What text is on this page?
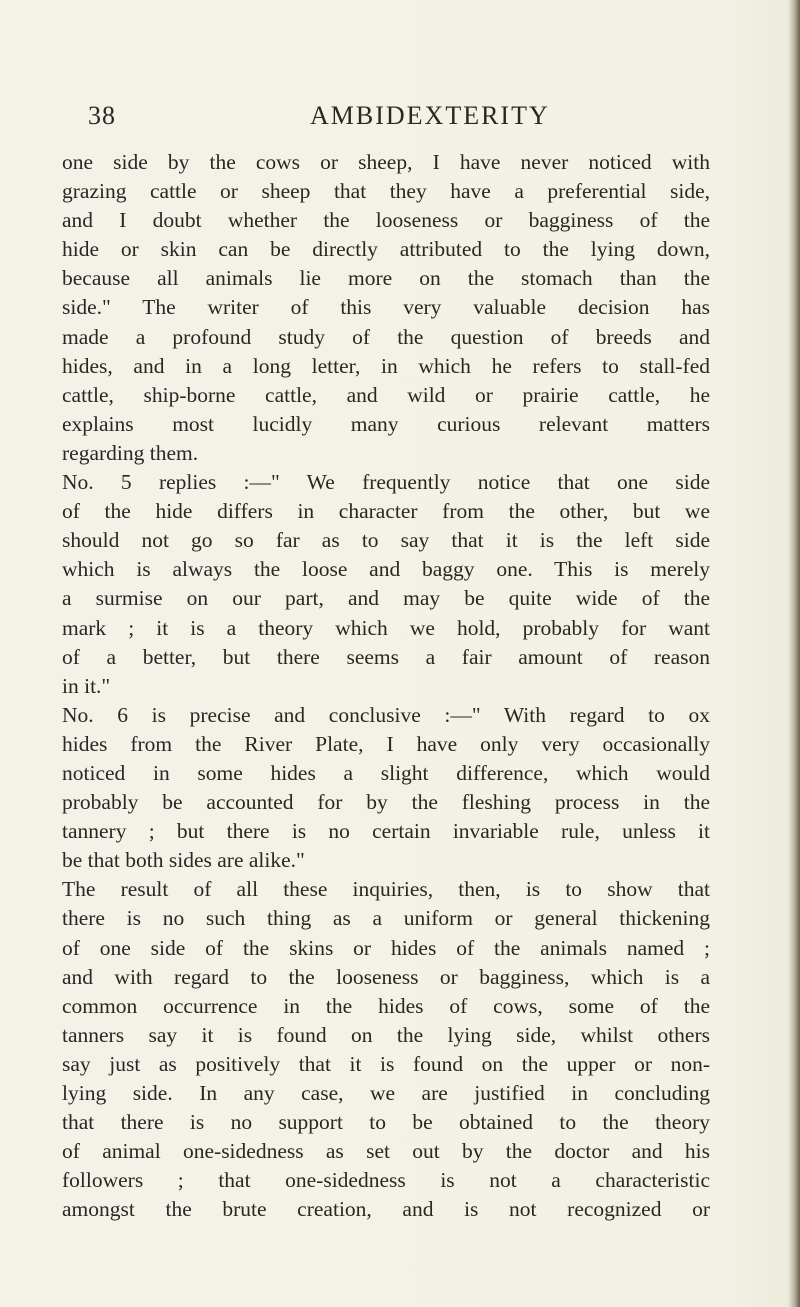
38	AMBIDEXTERITY
one side by the cows or sheep, I have never noticed with
grazing cattle or sheep that they have a preferential side,
and I doubt whether the looseness or bagginess of the
hide or skin can be directly attributed to the lying down,
because all animals lie more on the stomach than the
side." The writer of this very valuable decision has
made a profound study of the question of breeds and
hides, and in a long letter, in which he refers to stall-fed
cattle, ship-borne cattle, and wild or prairie cattle, he
explains most lucidly many curious relevant matters
regarding them.
No. 5 replies :—" We frequently notice that one side
of the hide differs in character from the other, but we
should not go so far as to say that it is the left side
which is always the loose and baggy one. This is merely
a surmise on our part, and may be quite wide of the
mark ; it is a theory which we hold, probably for want
of a better, but there seems a fair amount of reason
in it."
No. 6 is precise and conclusive :—" With regard to ox
hides from the River Plate, I have only very occasionally
noticed in some hides a slight difference, which would
probably be accounted for by the fleshing process in the
tannery ; but there is no certain invariable rule, unless it
be that both sides are alike."
The result of all these inquiries, then, is to show that
there is no such thing as a uniform or general thickening
of one side of the skins or hides of the animals named ;
and with regard to the looseness or bagginess, which is a
common occurrence in the hides of cows, some of the
tanners say it is found on the lying side, whilst others
say just as positively that it is found on the upper or non-
lying side. In any case, we are justified in concluding
that there is no support to be obtained to the theory
of animal one-sidedness as set out by the doctor and his
followers ; that one-sidedness is not a characteristic
amongst the brute creation, and is not recognized or
